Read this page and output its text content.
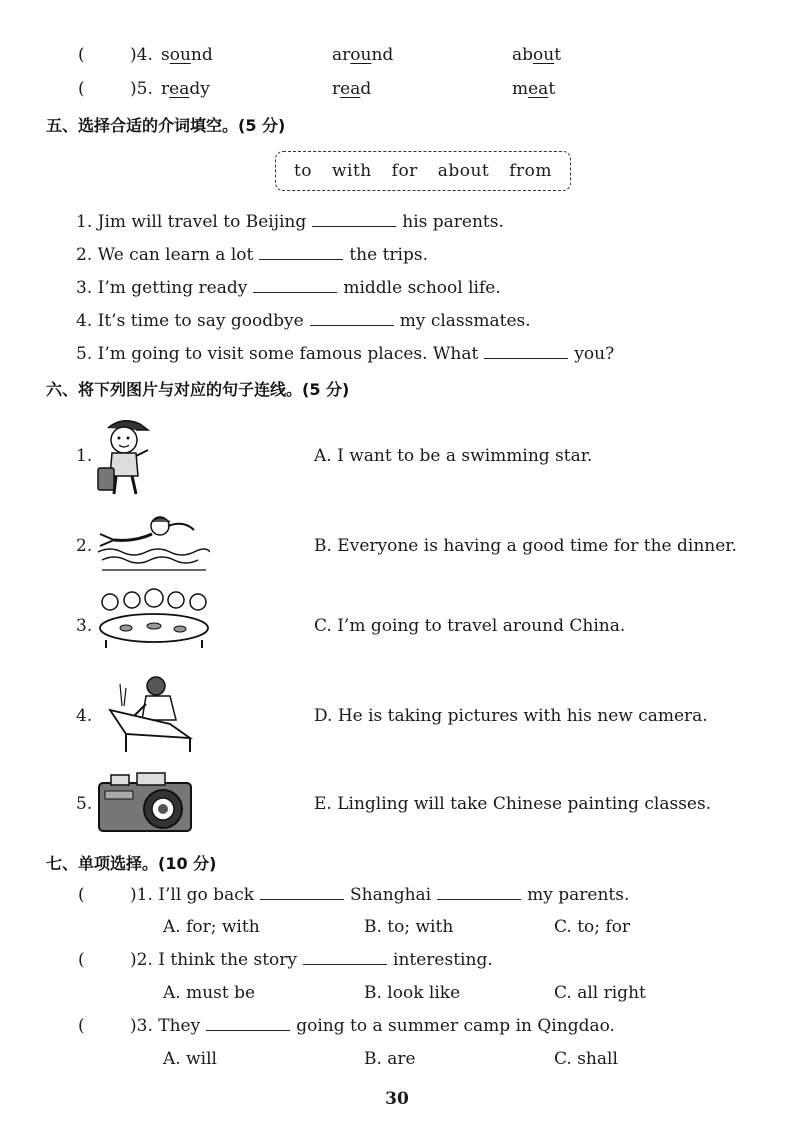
(	)4. sound	around	about
(	)5. ready	read	meat
五、选择合适的介词填空。(5 分)
to with for about from
1. Jim will travel to Beijing	his parents.
2. We can learn a lot	the trips.
3. I’m getting ready	middle school life.
4. It’s time to say goodbye	my classmates.
5. I’m going to visit some famous places. What	you?
六、将下列图片与对应的句子连线。(5 分)
1.
2.
3.
4.
5.
A. I want to be a swimming star.
B. Everyone is having a good time for the dinner.
C. I’m going to travel around China.
D. He is taking pictures with his new camera.
E. Lingling will take Chinese painting classes.
七、单项选择。(10 分)
(	)1. I’ll go back	Shanghai	my parents.
A. for; with	B. to; with	C. to; for
(	)2. I think the story	interesting.
A. must be	B. look like	C. all right
(	)3. They	going to a summer camp in Qingdao.
A. will	B. are	C. shall
30
